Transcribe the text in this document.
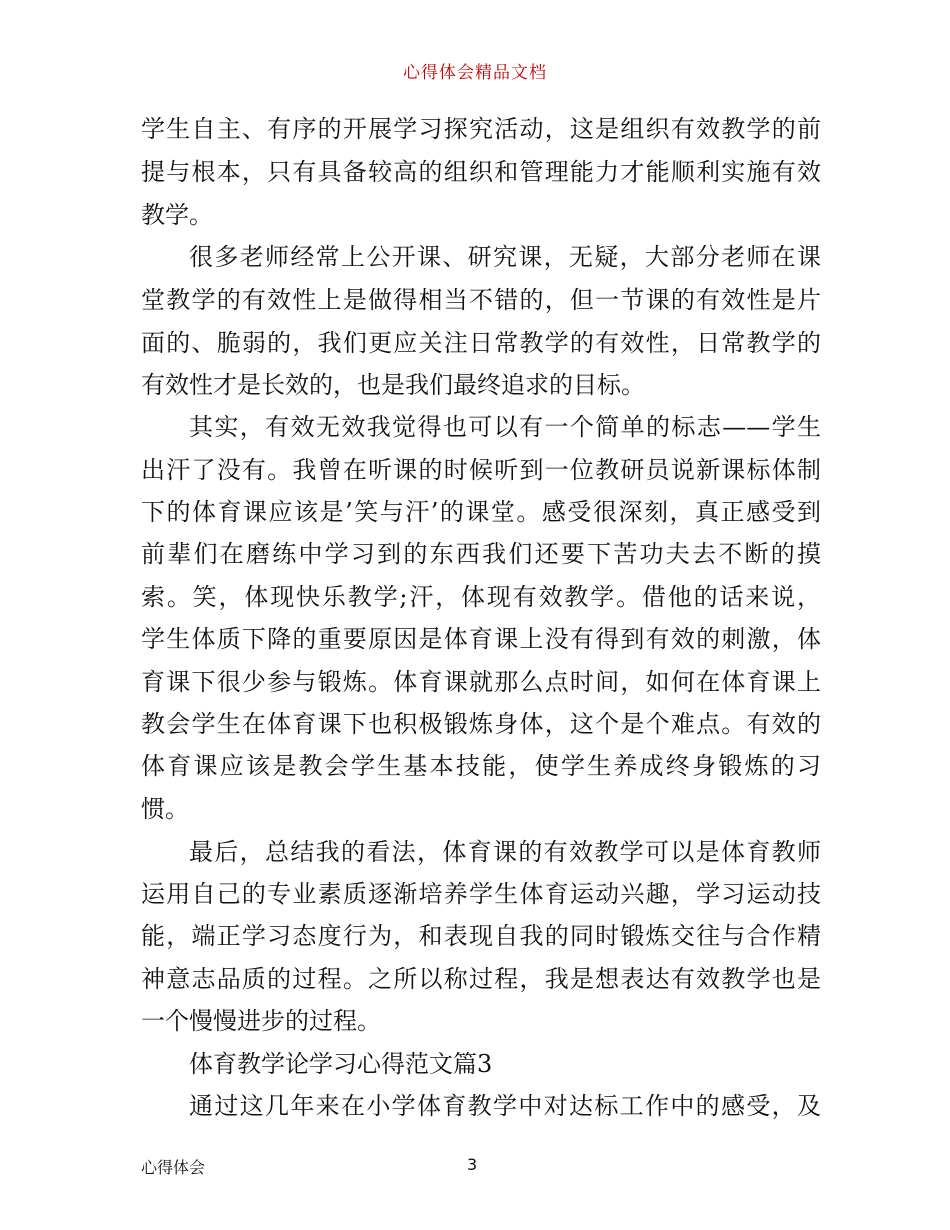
心得体会精品文档
学生自主、有序的开展学习探究活动，这是组织有效教学的前
提与根本，只有具备较高的组织和管理能力才能顺利实施有效
教学。
很多老师经常上公开课、研究课，无疑，大部分老师在课
堂教学的有效性上是做得相当不错的，但一节课的有效性是片
面的、脆弱的，我们更应关注日常教学的有效性，日常教学的
有效性才是长效的，也是我们最终追求的目标。
其实，有效无效我觉得也可以有一个简单的标志——学生
出汗了没有。我曾在听课的时候听到一位教研员说新课标体制
下的体育课应该是’笑与汗’的课堂。感受很深刻，真正感受到
前辈们在磨练中学习到的东西我们还要下苦功夫去不断的摸
索。笑，体现快乐教学;汗，体现有效教学。借他的话来说，
学生体质下降的重要原因是体育课上没有得到有效的刺激，体
育课下很少参与锻炼。体育课就那么点时间，如何在体育课上
教会学生在体育课下也积极锻炼身体，这个是个难点。有效的
体育课应该是教会学生基本技能，使学生养成终身锻炼的习
惯。
最后，总结我的看法，体育课的有效教学可以是体育教师
运用自己的专业素质逐渐培养学生体育运动兴趣，学习运动技
能，端正学习态度行为，和表现自我的同时锻炼交往与合作精
神意志品质的过程。之所以称过程，我是想表达有效教学也是
一个慢慢进步的过程。
体育教学论学习心得范文篇3
通过这几年来在小学体育教学中对达标工作中的感受，及
心得体会	3
